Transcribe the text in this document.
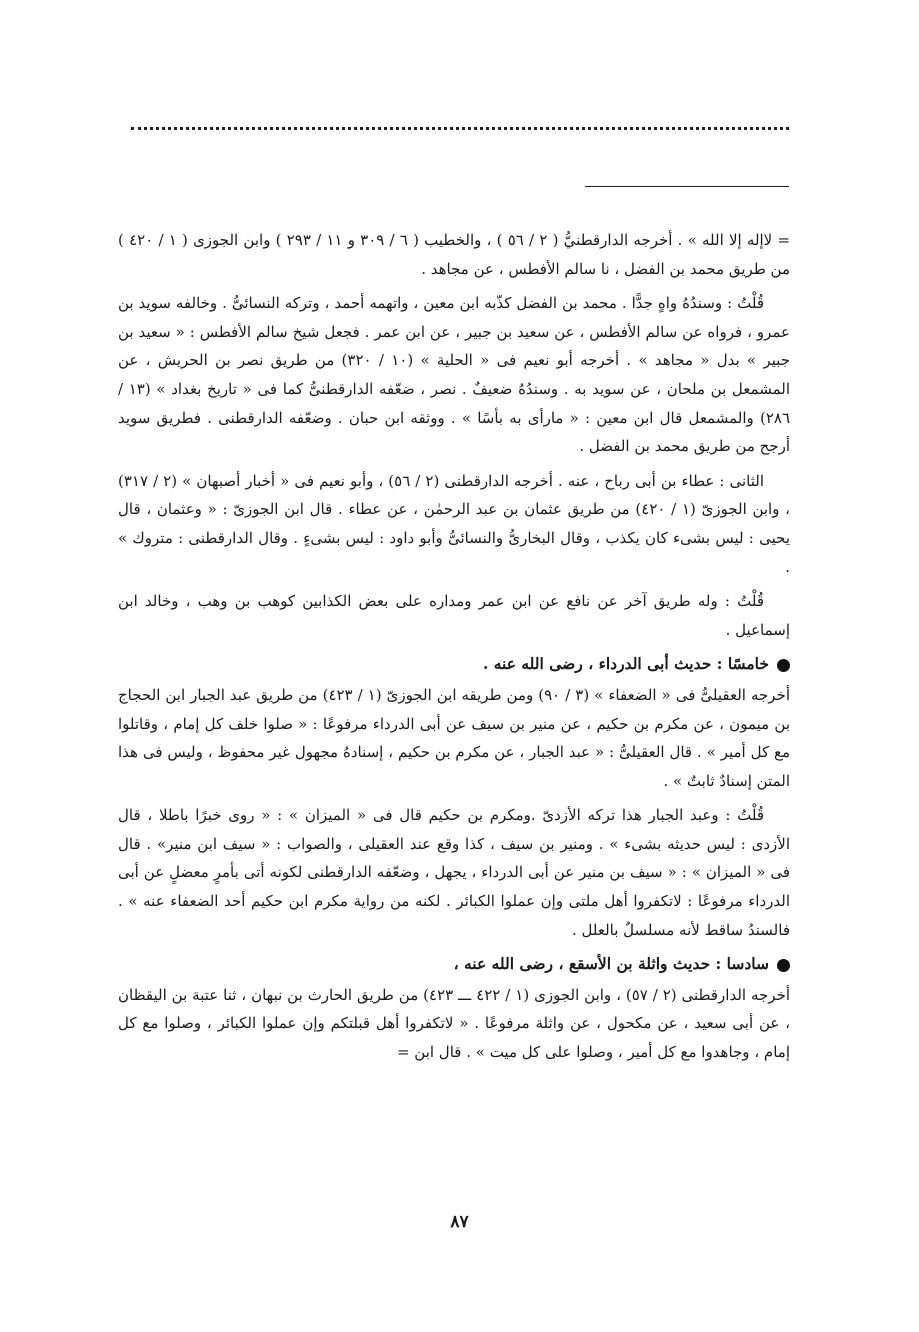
= لاإله إلا الله » . أخرجه الدارقطنيُّ ( ٢ / ٥٦ ) ، والخطيب ( ٦ / ٣٠٩ و ١١ / ٢٩٣ ) وابن الجوزى ( ١ / ٤٢٠ ) من طريق محمد بن الفضل ، نا سالم الأفطس ، عن مجاهد .

قُلْتُ : وسندُهُ واهٍ جدًّا . محمد بن الفضل كذّبه ابن معين ، واتهمه أحمد ، وتركه النسائىُّ . وخالفه سويد بن عمرو ، فرواه عن سالم الأفطس ، عن سعيد بن جبير ، عن ابن عمر . فجعل شيخ سالم الأفطس : « سعيد بن جبير » بدل « مجاهد » . أخرجه أبو نعيم فى « الحلية » (١٠ / ٣٢٠) من طريق نصر بن الحريش ، عن المشمعل بن ملحان ، عن سويد به . وسندُهُ ضعيفٌ . نصر ، ضعّفه الدارقطنىُّ كما فى « تاريخ بغداد » (١٣ / ٢٨٦) والمشمعل قال ابن معين : « مارأى به بأسًا » . ووثقه ابن حبان . وضعّفه الدارقطنى . فطريق سويد أرجح من طريق محمد بن الفضل .

الثانى : عطاء بن أبى رباح ، عنه . أخرجه الدارقطنى (٢ / ٥٦) ، وأبو نعيم فى « أخبار أصبهان » (٢ / ٣١٧) ، وابن الجوزىّ (١ / ٤٢٠) من طريق عثمان بن عبد الرحمٰن ، عن عطاء . قال ابن الجوزىّ : « وعثمان ، قال يحيى : ليس بشىء كان يكذب ، وقال البخارىُّ والنسائىُّ وأبو داود : ليس بشىءٍ . وقال الدارقطنى : متروك » .

قُلْتُ : وله طريق آخر عن نافع عن ابن عمر ومداره على بعض الكذابين كوهب بن وهب ، وخالد ابن إسماعيل .

خامسًا : حديث أبى الدرداء ، رضى الله عنه .

أخرجه العقيلىُّ فى « الضعفاء » (٣ / ٩٠) ومن طريقه ابن الجوزىّ (١ / ٤٢٣) من طريق عبد الجبار ابن الحجاج بن ميمون ، عن مكرم بن حكيم ، عن منير بن سيف عن أبى الدرداء مرفوعًا : « صلوا خلف كل إمام ، وقاتلوا مع كل أمير » . قال العقيلىُّ : « عبد الجبار ، عن مكرم بن حكيم ، إسنادهُ مجهول غير محفوظ ، وليس فى هذا المتن إسنادٌ ثابتٌ » .

قُلْتُ : وعبد الجبار هذا تركه الأزدىّ .ومكرم بن حكيم قال فى « الميزان » : « روى خبرًا باطلا ، قال الأزدى : ليس حديثه بشىء » . ومنير بن سيف ، كذا وقع عند العقيلى ، والصواب : « سيف ابن منير» . قال فى « الميزان » : « سيف بن منير عن أبى الدرداء ، يجهل ، وضعّفه الدارقطنى لكونه أتى بأمرٍ معضلٍ عن أبى الدرداء مرفوعًا : لاتكفروا أهل ملتى وإن عملوا الكبائر . لكنه من رواية مكرم ابن حكيم أحد الضعفاء عنه » . فالسندُ ساقط لأنه مسلسلٌ بالعلل .

سادسا : حديث واثلة بن الأسقع ، رضى الله عنه ،

أخرجه الدارقطنى (٢ / ٥٧) ، وابن الجوزى (١ / ٤٢٢ ـــ ٤٢٣) من طريق الحارث بن نبهان ، ثنا عتبة بن اليقظان ، عن أبى سعيد ، عن مكحول ، عن واثلة مرفوعًا . « لاتكفروا أهل قبلتكم وإن عملوا الكبائر ، وصلوا مع كل إمام ، وجاهدوا مع كل أمير ، وصلوا على كل ميت » . قال ابن =

٨٧
